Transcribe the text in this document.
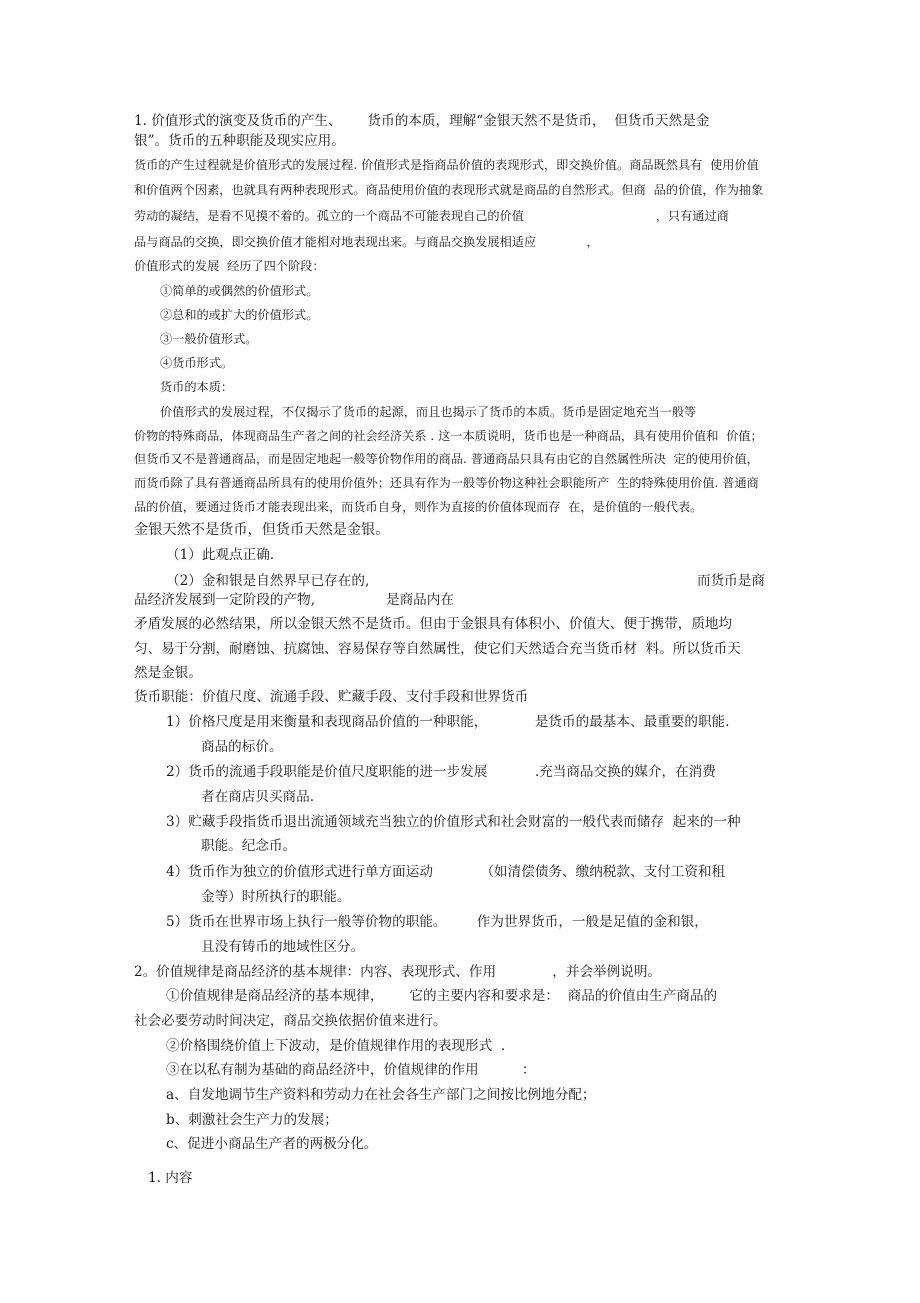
1. 价值形式的演变及货币的产生、      货币的本质，理解“金银天然不是货币，  但货币天然是金
银”。货币的五种职能及现实应用。
货币的产生过程就是价值形式的发展过程. 价值形式是指商品价值的表现形式，即交换价值。商品既然具有  使用价值
和价值两个因素，也就具有两种表现形式。商品使用价值的表现形式就是商品的自然形式。但商  品的价值，作为抽象
劳动的凝结，是看不见摸不着的。孤立的一个商品不可能表现自己的价值                                  ，只有通过商
品与商品的交换，即交换价值才能相对地表现出来。与商品交换发展相适应             ，
价值形式的发展  经历了四个阶段：
①简单的或偶然的价值形式。
②总和的或扩大的价值形式。
③一般价值形式。
④货币形式。
货币的本质：
价值形式的发展过程，不仅揭示了货币的起源，而且也揭示了货币的本质。货币是固定地充当一般等
价物的特殊商品，体现商品生产者之间的社会经济关系 . 这一本质说明，货币也是一种商品，具有使用价值和  价值；
但货币又不是普通商品，而是固定地起一般等价物作用的商品. 普通商品只具有由它的自然属性所决  定的使用价值，
而货币除了具有普通商品所具有的使用价值外；还具有作为一般等价物这种社会职能所产  生的特殊使用价值. 普通商
品的价值，要通过货币才能表现出来，而货币自身，则作为直接的价值体现而存  在，是价值的一般代表。
金银天然不是货币，但货币天然是金银。
（1）此观点正确.
（2）金和银是自然界早已存在的,	而货币是商
品经济发展到一定阶段的产物,	是商品内在
矛盾发展的必然结果，所以金银天然不是货币。但由于金银具有体积小、价值大、便于携带，质地均
匀、易于分割，耐磨蚀、抗腐蚀、容易保存等自然属性，使它们天然适合充当货币材  料。所以货币天
然是金银。
货币职能：价值尺度、流通手段、贮藏手段、支付手段和世界货币
1）价格尺度是用来衡量和表现商品价值的一种职能，           是货币的最基本、最重要的职能.
商品的标价。
2）货币的流通手段职能是价值尺度职能的进一步发展           .充当商品交换的媒介，在消费
者在商店贝买商品.
3）贮藏手段指货币退出流通领域充当独立的价值形式和社会财富的一般代表而储存  起来的一种
职能。纪念币。
4）货币作为独立的价值形式进行单方面运动           （如清偿债务、缴纳税款、支付工资和租
金等）时所执行的职能。
5）货币在世界市场上执行一般等价物的职能。       作为世界货币，一般是足值的金和银，
且没有铸币的地域性区分。
2。价值规律是商品经济的基本规律：内容、表现形式、作用             ，并会举例说明。
①价值规律是商品经济的基本规律，      它的主要内容和要求是：  商品的价值由生产商品的
社会必要劳动时间决定，商品交换依据价值来进行。
②价格围绕价值上下波动，是价值规律作用的表现形式  .
③在以私有制为基础的商品经济中，价值规律的作用          ：
a、自发地调节生产资料和劳动力在社会各生产部门之间按比例地分配；
b、刺激社会生产力的发展；
c、促进小商品生产者的两极分化。
1. 内容
